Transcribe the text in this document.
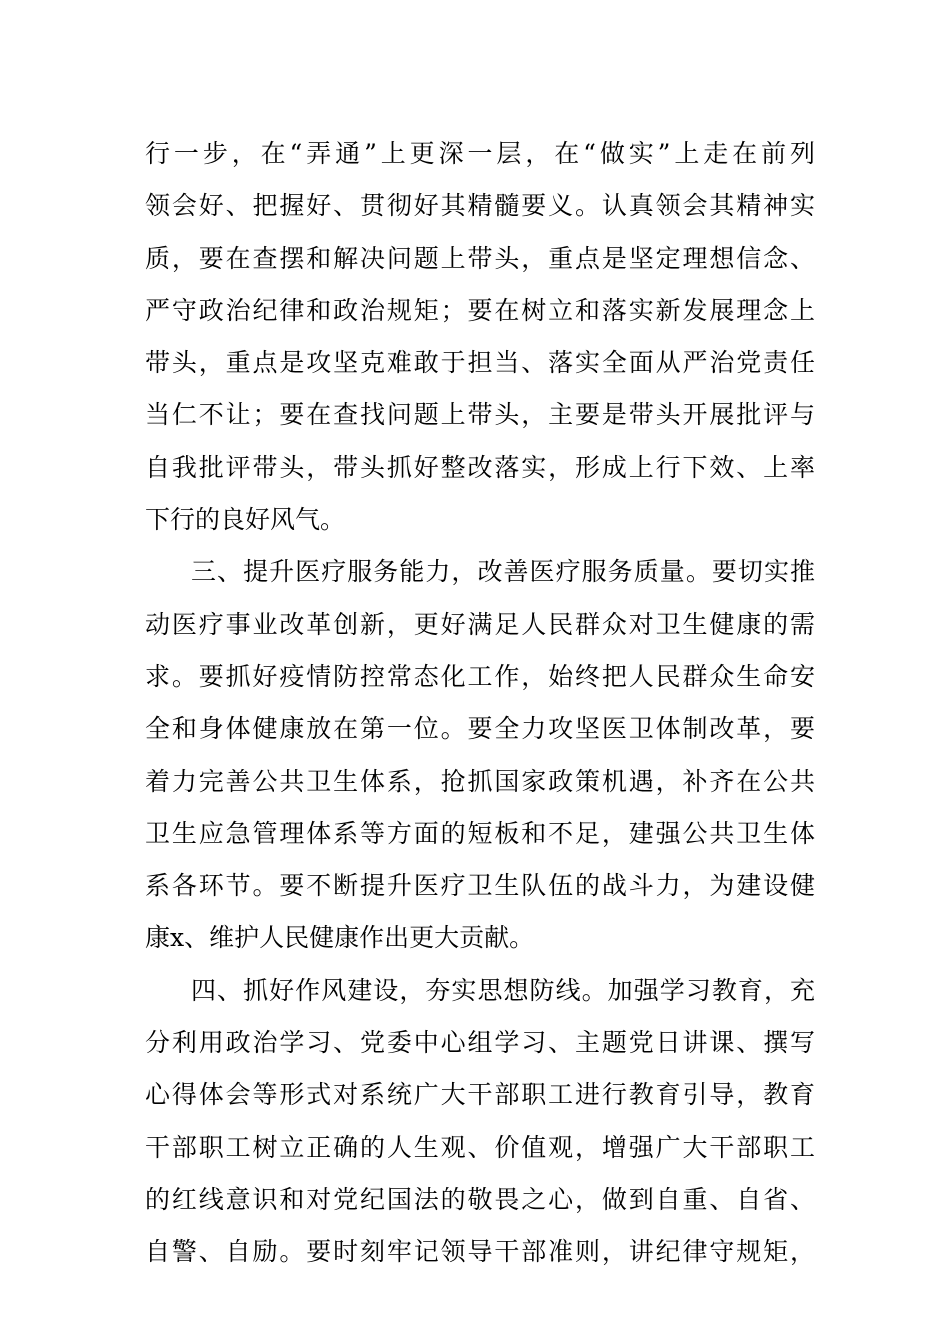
行一步，在“弄通”上更深一层，在“做实”上走在前列
领会好、把握好、贯彻好其精髓要义。认真领会其精神实
质，要在查摆和解决问题上带头，重点是坚定理想信念、
严守政治纪律和政治规矩；要在树立和落实新发展理念上
带头，重点是攻坚克难敢于担当、落实全面从严治党责任
当仁不让；要在查找问题上带头，主要是带头开展批评与
自我批评带头，带头抓好整改落实，形成上行下效、上率
下行的良好风气。
三、提升医疗服务能力，改善医疗服务质量。要切实推
动医疗事业改革创新，更好满足人民群众对卫生健康的需
求。要抓好疫情防控常态化工作，始终把人民群众生命安
全和身体健康放在第一位。要全力攻坚医卫体制改革，要
着力完善公共卫生体系，抢抓国家政策机遇，补齐在公共
卫生应急管理体系等方面的短板和不足，建强公共卫生体
系各环节。要不断提升医疗卫生队伍的战斗力，为建设健
康x、维护人民健康作出更大贡献。
四、抓好作风建设，夯实思想防线。加强学习教育，充
分利用政治学习、党委中心组学习、主题党日讲课、撰写
心得体会等形式对系统广大干部职工进行教育引导，教育
干部职工树立正确的人生观、价值观，增强广大干部职工
的红线意识和对党纪国法的敬畏之心，做到自重、自省、
自警、自励。要时刻牢记领导干部准则，讲纪律守规矩，
